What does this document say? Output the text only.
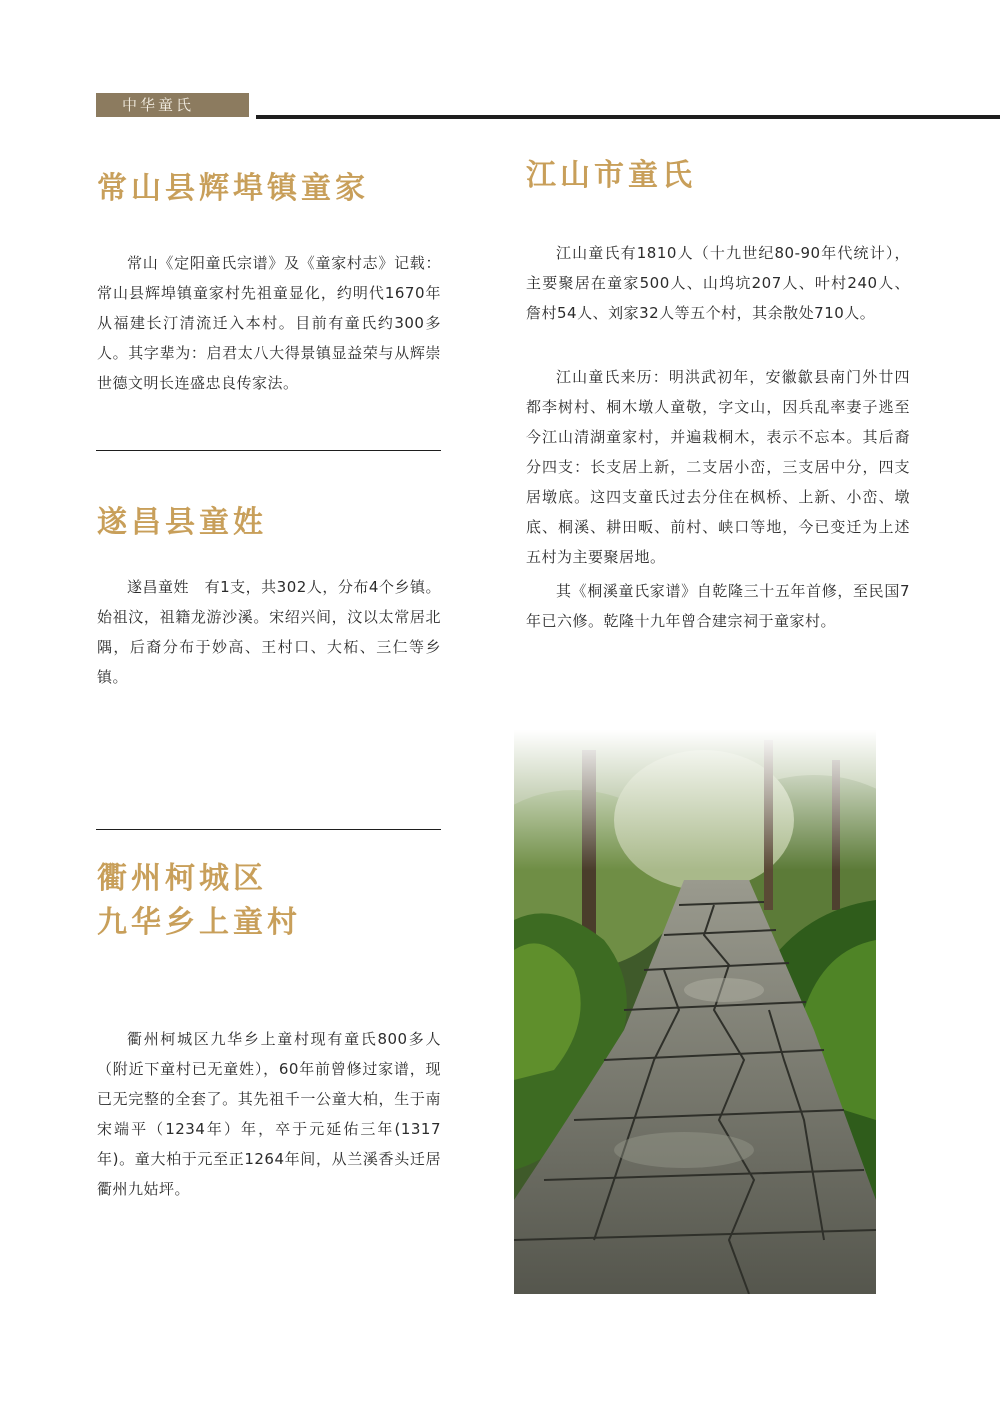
中华童氏
常山县辉埠镇童家

常山《定阳童氏宗谱》及《童家村志》记载：常山县辉埠镇童家村先祖童显化，约明代1670年从福建长汀清流迁入本村。目前有童氏约300多人。其字辈为：启君太八大得景镇显益荣与从辉崇世德文明长连盛忠良传家法。

遂昌县童姓

遂昌童姓　有1支，共302人，分布4个乡镇。始祖汶，祖籍龙游沙溪。宋绍兴间，汶以太常居北隅，后裔分布于妙高、王村口、大柘、三仁等乡镇。

衢州柯城区
九华乡上童村

衢州柯城区九华乡上童村现有童氏800多人（附近下童村已无童姓），60年前曾修过家谱，现已无完整的全套了。其先祖千一公童大柏，生于南宋端平（1234年）年，卒于元延佑三年(1317年)。童大柏于元至正1264年间，从兰溪香头迁居衢州九姑坪。

江山市童氏

江山童氏有1810人（十九世纪80-90年代统计），主要聚居在童家500人、山坞坑207人、叶村240人、詹村54人、刘家32人等五个村，其余散处710人。

江山童氏来历：明洪武初年，安徽歙县南门外廿四都李树村、桐木墩人童敬，字文山，因兵乱率妻子逃至今江山清湖童家村，并遍栽桐木，表示不忘本。其后裔分四支：长支居上新，二支居小峦，三支居中分，四支居墩底。这四支童氏过去分住在枫桥、上新、小峦、墩底、桐溪、耕田畈、前村、峡口等地，今已变迁为上述五村为主要聚居地。

其《桐溪童氏家谱》自乾隆三十五年首修，至民国7年已六修。乾隆十九年曾合建宗祠于童家村。
